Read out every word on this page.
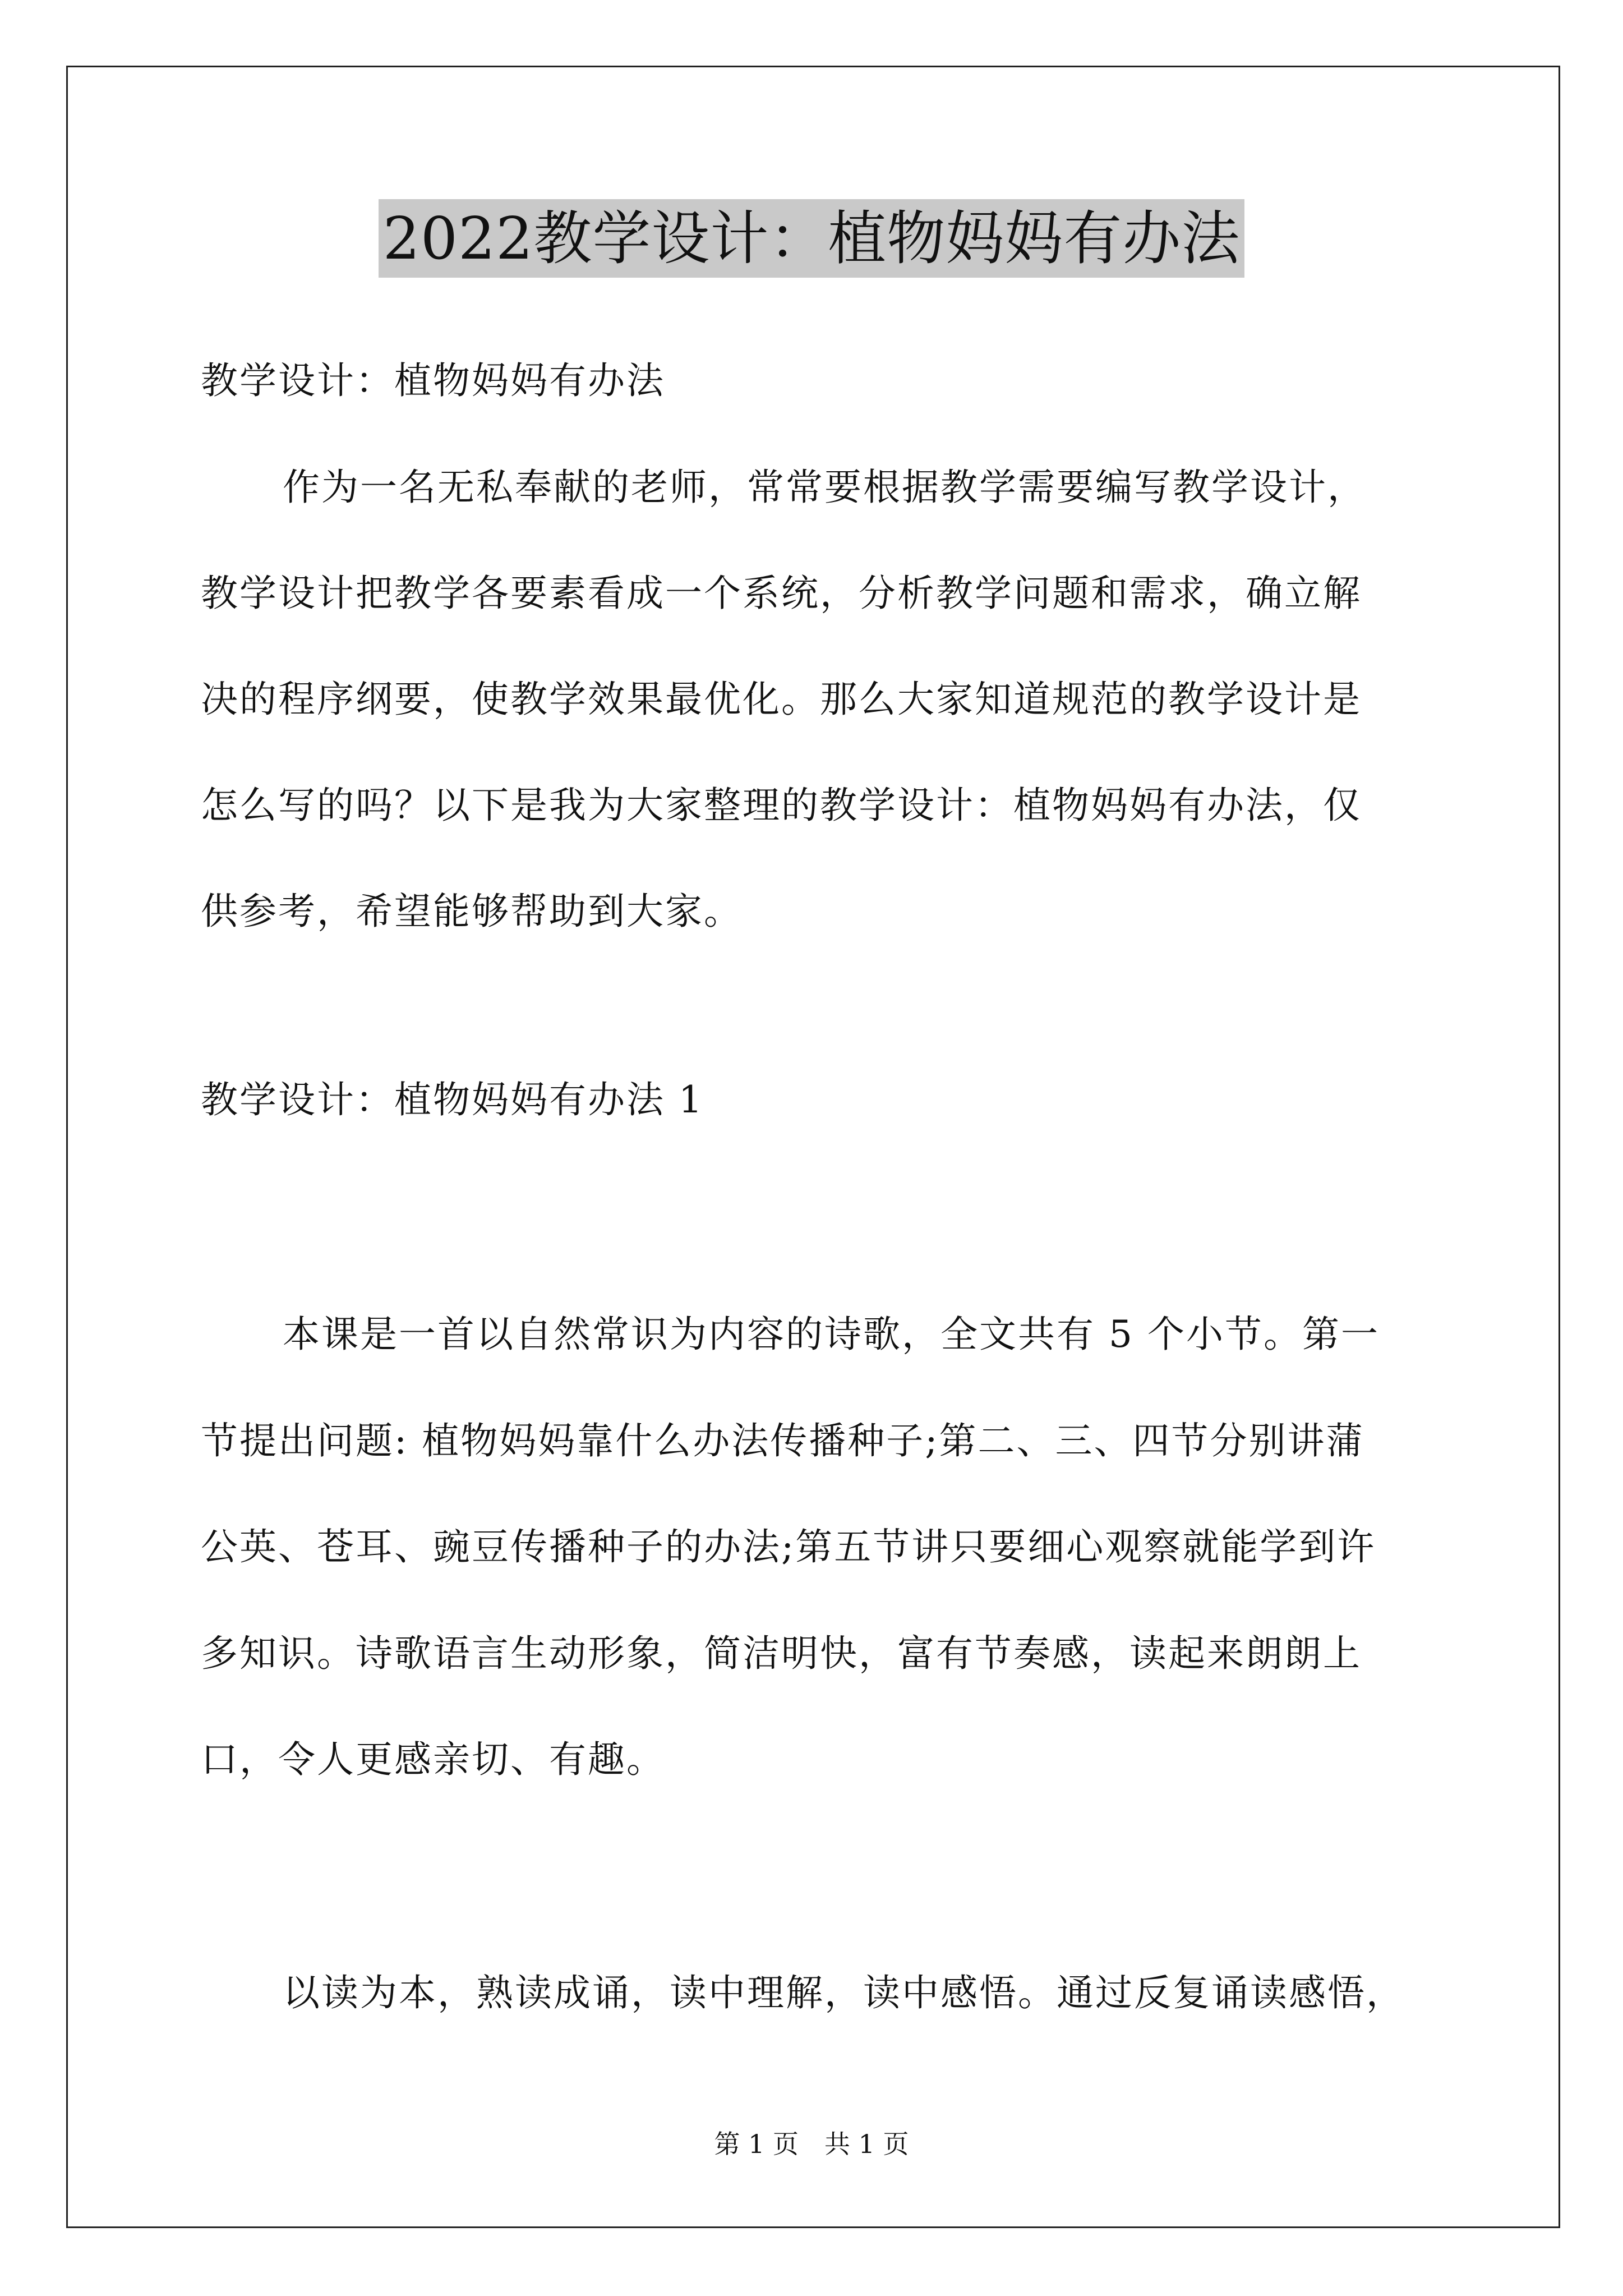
2022教学设计：植物妈妈有办法
教学设计：植物妈妈有办法
作为一名无私奉献的老师，常常要根据教学需要编写教学设计，
教学设计把教学各要素看成一个系统，分析教学问题和需求，确立解
决的程序纲要，使教学效果最优化。那么大家知道规范的教学设计是
怎么写的吗？以下是我为大家整理的教学设计：植物妈妈有办法，仅
供参考，希望能够帮助到大家。
教学设计：植物妈妈有办法 1
本课是一首以自然常识为内容的诗歌，全文共有 5 个小节。第一
节提出问题: 植物妈妈靠什么办法传播种子;第二、三、四节分别讲蒲
公英、苍耳、豌豆传播种子的办法;第五节讲只要细心观察就能学到许
多知识。诗歌语言生动形象，简洁明快，富有节奏感，读起来朗朗上
口，令人更感亲切、有趣。
以读为本，熟读成诵，读中理解，读中感悟。通过反复诵读感悟，
第 1 页　共 1 页
